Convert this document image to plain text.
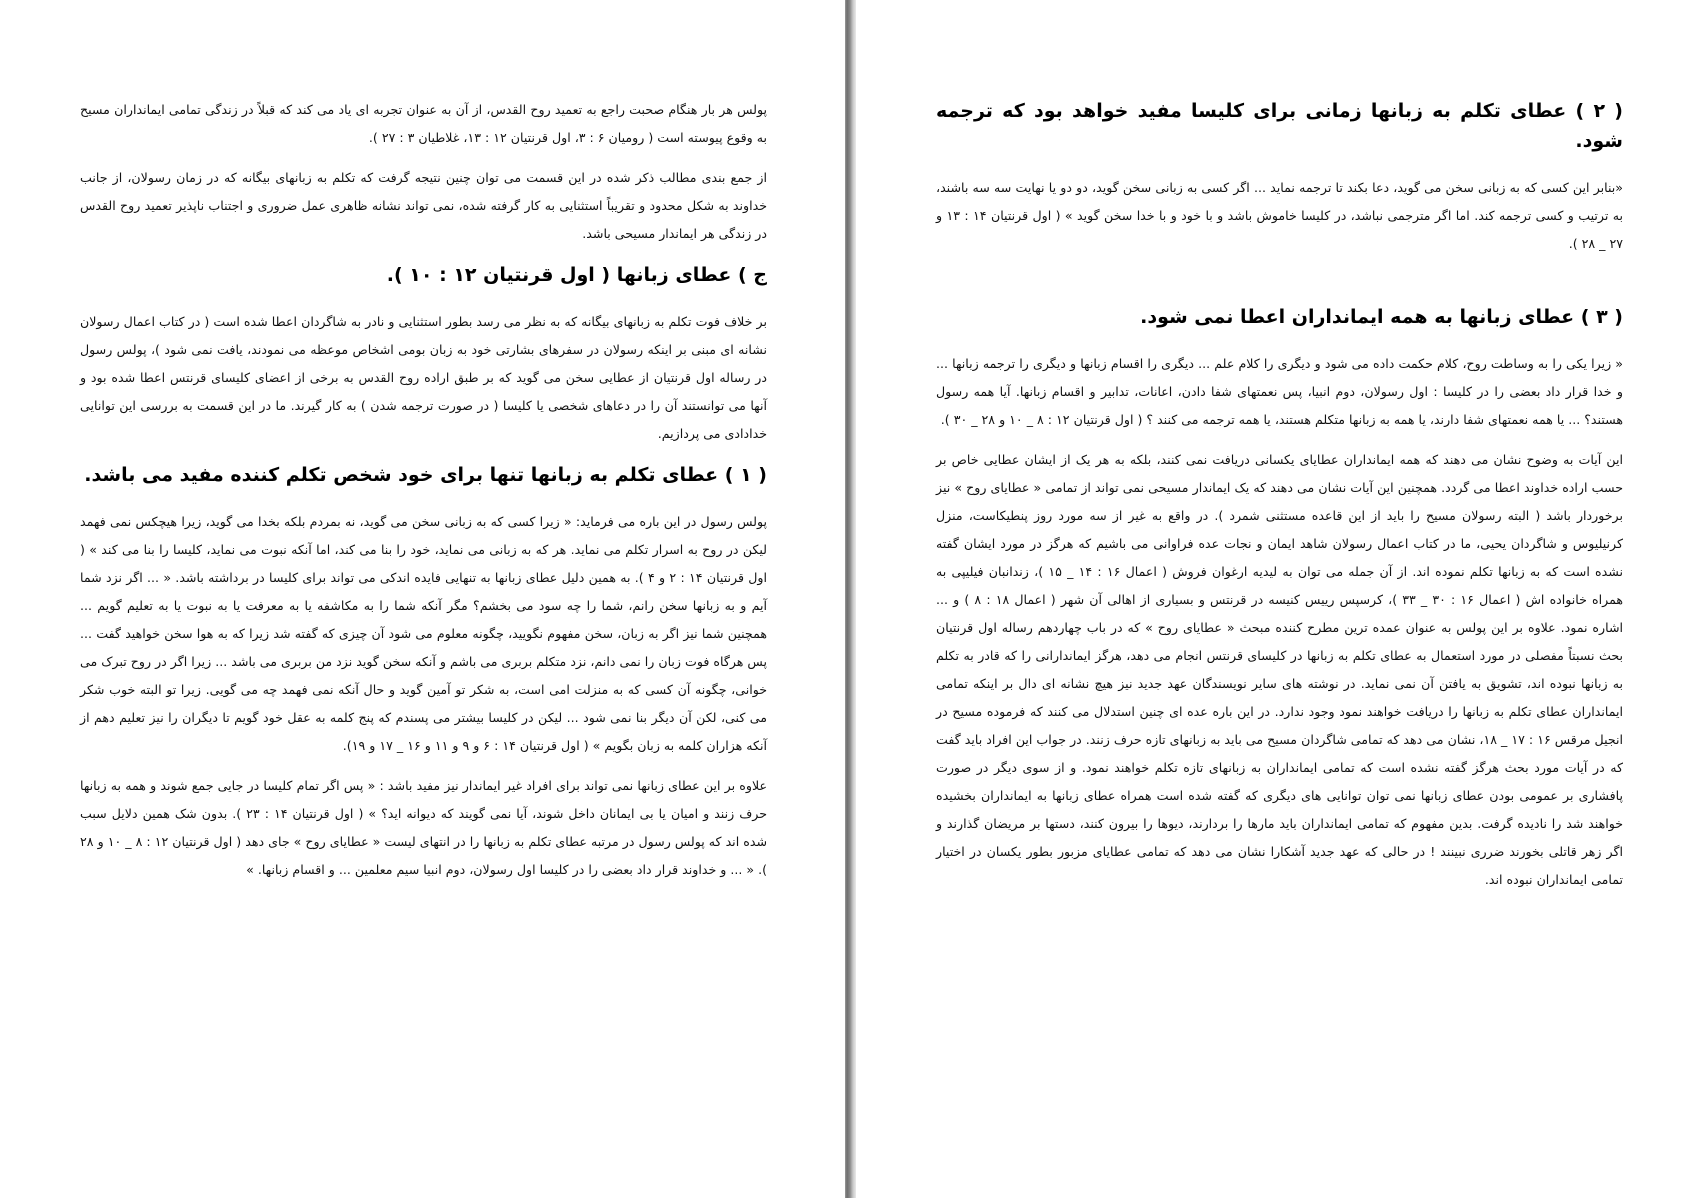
پولس هر بار هنگام صحبت راجع به تعمید روح القدس، از آن به عنوان تجربه ای یاد می کند که قبلاً در زندگی تمامی ایمانداران مسیح به وقوع پیوسته است ( رومیان ۶ : ۳، اول قرنتیان ۱۲ : ۱۳، غلاطیان ۳ : ۲۷ ).

از جمع بندی مطالب ذکر شده در این قسمت می توان چنین نتیجه گرفت که تکلم به زبانهای بیگانه که در زمان رسولان، از جانب خداوند به شکل محدود و تقریباً استثنایی به کار گرفته شده، نمی تواند نشانه ظاهری عمل ضروری و اجتناب ناپذیر تعمید روح القدس در زندگی هر ایماندار مسیحی باشد.

ج ) عطای زبانها ( اول قرنتیان ۱۲ : ۱۰ ).

بر خلاف فوت تکلم به زبانهای بیگانه که به نظر می رسد بطور استثنایی و نادر به شاگردان اعطا شده است ( در کتاب اعمال رسولان نشانه ای مبنی بر اینکه رسولان در سفرهای بشارتی خود به زبان بومی اشخاص موعظه می نمودند، یافت نمی شود )، پولس رسول در رساله اول قرنتیان از عطایی سخن می گوید که بر طبق اراده روح القدس به برخی از اعضای کلیسای قرنتس اعطا شده بود و آنها می توانستند آن را در دعاهای شخصی یا کلیسا ( در صورت ترجمه شدن ) به کار گیرند. ما در این قسمت به بررسی این توانایی خدادادی می پردازیم.

( ۱ ) عطای تکلم به زبانها تنها برای خود شخص تکلم کننده مفید می باشد.

پولس رسول در این باره می فرماید: « زیرا کسی که به زبانی سخن می گوید، نه بمردم بلکه بخدا می گوید، زیرا هیچکس نمی فهمد لیکن در روح به اسرار تکلم می نماید. هر که به زبانی می نماید، خود را بنا می کند، اما آنکه نبوت می نماید، کلیسا را بنا می کند » ( اول قرنتیان ۱۴ : ۲ و ۴ ). به همین دلیل عطای زبانها به تنهایی فایده اندکی می تواند برای کلیسا در برداشته باشد. « ... اگر نزد شما آیم و به زبانها سخن رانم، شما را چه سود می بخشم؟ مگر آنکه شما را به مکاشفه یا به معرفت یا به نبوت یا به تعلیم گویم ... همچنین شما نیز اگر به زبان، سخن مفهوم نگویید، چگونه معلوم می شود آن چیزی که گفته شد زیرا که به هوا سخن خواهید گفت ... پس هرگاه فوت زبان را نمی دانم، نزد متکلم بربری می باشم و آنکه سخن گوید نزد من بربری می باشد ... زیرا اگر در روح تبرک می خوانی، چگونه آن کسی که به منزلت امی است، به شکر تو آمین گوید و حال آنکه نمی فهمد چه می گویی. زیرا تو البته خوب شکر می کنی، لکن آن دیگر بنا نمی شود ... لیکن در کلیسا بیشتر می پسندم که پنج کلمه به عقل خود گویم تا دیگران را نیز تعلیم دهم از آنکه هزاران کلمه به زبان بگویم » ( اول قرنتیان ۱۴ : ۶ و ۹ و ۱۱ و ۱۶ _ ۱۷ و ۱۹).

علاوه بر این عطای زبانها نمی تواند برای افراد غیر ایماندار نیز مفید باشد : « پس اگر تمام کلیسا در جایی جمع شوند و همه به زبانها حرف زنند و امیان یا بی ایمانان داخل شوند، آیا نمی گویند که دیوانه اید؟ » ( اول قرنتیان ۱۴ : ۲۳ ). بدون شک همین دلایل سبب شده اند که پولس رسول در مرتبه عطای تکلم به زبانها را در انتهای لیست « عطایای روح » جای دهد ( اول قرنتیان ۱۲ : ۸ _ ۱۰ و ۲۸ ). « ... و خداوند قرار داد بعضی را در کلیسا اول رسولان، دوم انبیا سیم معلمین ... و اقسام زبانها. »

( ۲ ) عطای تکلم به زبانها زمانی برای کلیسا مفید خواهد بود که ترجمه شود.

«بنابر این کسی که به زبانی سخن می گوید، دعا بکند تا ترجمه نماید ... اگر کسی به زبانی سخن گوید، دو دو یا نهایت سه سه باشند، به ترتیب و کسی ترجمه کند. اما اگر مترجمی نباشد، در کلیسا خاموش باشد و با خود و با خدا سخن گوید » ( اول قرنتیان ۱۴ : ۱۳ و ۲۷ _ ۲۸ ).

( ۳ ) عطای زبانها به همه ایمانداران اعطا نمی شود.

« زیرا یکی را به وساطت روح، کلام حکمت داده می شود و دیگری را کلام علم ... دیگری را اقسام زبانها و دیگری را ترجمه زبانها ... و خدا قرار داد بعضی را در کلیسا : اول رسولان، دوم انبیا، پس نعمتهای شفا دادن، اعانات، تدابیر و اقسام زبانها. آیا همه رسول هستند؟ ... یا همه نعمتهای شفا دارند، یا همه به زبانها متکلم هستند، یا همه ترجمه می کنند ؟ ( اول قرنتیان ۱۲ : ۸ _ ۱۰ و ۲۸ _ ۳۰ ).

این آیات به وضوح نشان می دهند که همه ایمانداران عطایای یکسانی دریافت نمی کنند، بلکه به هر یک از ایشان عطایی خاص بر حسب اراده خداوند اعطا می گردد. همچنین این آیات نشان می دهند که یک ایماندار مسیحی نمی تواند از تمامی « عطایای روح » نیز برخوردار باشد ( البته رسولان مسیح را باید از این قاعده مستثنی شمرد ). در واقع به غیر از سه مورد روز پنطیکاست، منزل کرنیلیوس و شاگردان یحیی، ما در کتاب اعمال رسولان شاهد ایمان و نجات عده فراوانی می باشیم که هرگز در مورد ایشان گفته نشده است که به زبانها تکلم نموده اند. از آن جمله می توان به لیدیه ارغوان فروش ( اعمال ۱۶ : ۱۴ _ ۱۵ )، زندانبان فیلیپی به همراه خانواده اش ( اعمال ۱۶ : ۳۰ _ ۳۳ )، کرسپس رییس کنیسه در قرنتس و بسیاری از اهالی آن شهر ( اعمال ۱۸ : ۸ ) و ... اشاره نمود. علاوه بر این پولس به عنوان عمده ترین مطرح کننده مبحث « عطایای روح » که در باب چهاردهم رساله اول قرنتیان بحث نسبتاً مفصلی در مورد استعمال به عطای تکلم به زبانها در کلیسای قرنتس انجام می دهد، هرگز ایماندارانی را که قادر به تکلم به زبانها نبوده اند، تشویق به یافتن آن نمی نماید. در نوشته های سایر نویسندگان عهد جدید نیز هیچ نشانه ای دال بر اینکه تمامی ایمانداران عطای تکلم به زبانها را دریافت خواهند نمود وجود ندارد. در این باره عده ای چنین استدلال می کنند که فرموده مسیح در انجیل مرقس ۱۶ : ۱۷ _ ۱۸، نشان می دهد که تمامی شاگردان مسیح می باید به زبانهای تازه حرف زنند. در جواب این افراد باید گفت که در آیات مورد بحث هرگز گفته نشده است که تمامی ایمانداران به زبانهای تازه تکلم خواهند نمود. و از سوی دیگر در صورت پافشاری بر عمومی بودن عطای زبانها نمی توان توانایی های دیگری که گفته شده است همراه عطای زبانها به ایمانداران بخشیده خواهند شد را نادیده گرفت. بدین مفهوم که تمامی ایمانداران باید مارها را بردارند، دیوها را بیرون کنند، دستها بر مریضان گذارند و اگر زهر قاتلی بخورند ضرری نبینند ! در حالی که عهد جدید آشکارا نشان می دهد که تمامی عطایای مزبور بطور یکسان در اختیار تمامی ایمانداران نبوده اند.
